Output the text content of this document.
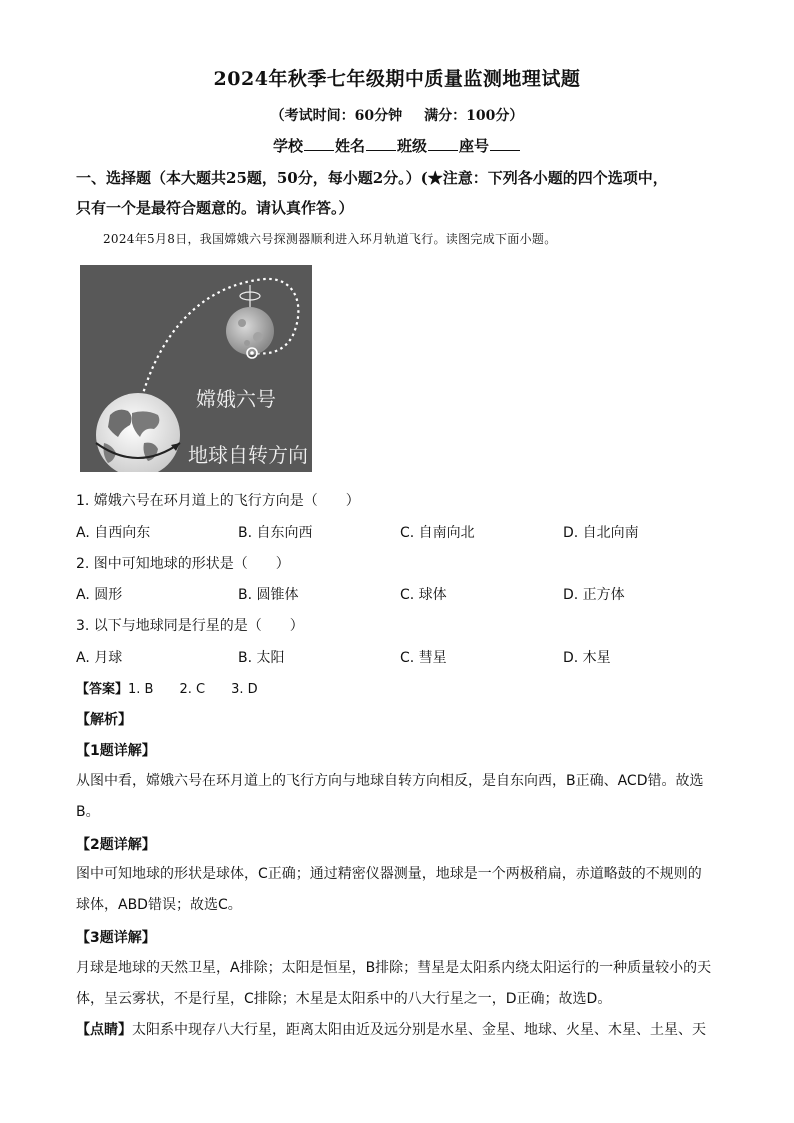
2024年秋季七年级期中质量监测地理试题
（考试时间：60分钟 满分：100分）
学校 姓名 班级 座号
一、选择题（本大题共25题，50分，每小题2分。）(★注意：下列各小题的四个选项中，
只有一个是最符合题意的。请认真作答。）
2024年5月8日，我国嫦娥六号探测器顺利进入环月轨道飞行。读图完成下面小题。
嫦娥六号
地球自转方向
1. 嫦娥六号在环月道上的飞行方向是（　　）
A. 自西向东	B. 自东向西	C. 自南向北	D. 自北向南
2. 图中可知地球的形状是（　　）
A. 圆形	B. 圆锥体	C. 球体	D. 正方体
3. 以下与地球同是行星的是（　　）
A. 月球	B. 太阳	C. 彗星	D. 木星
【答案】1. B　　2. C　　3. D
【解析】
【1题详解】
从图中看，嫦娥六号在环月道上的飞行方向与地球自转方向相反，是自东向西，B正确、ACD错。故选
B。
【2题详解】
图中可知地球的形状是球体，C正确；通过精密仪器测量，地球是一个两极稍扁，赤道略鼓的不规则的
球体，ABD错误；故选C。
【3题详解】
月球是地球的天然卫星，A排除；太阳是恒星，B排除；彗星是太阳系内绕太阳运行的一种质量较小的天
体，呈云雾状，不是行星，C排除；木星是太阳系中的八大行星之一，D正确；故选D。
【点睛】太阳系中现存八大行星，距离太阳由近及远分别是水星、金星、地球、火星、木星、土星、天
